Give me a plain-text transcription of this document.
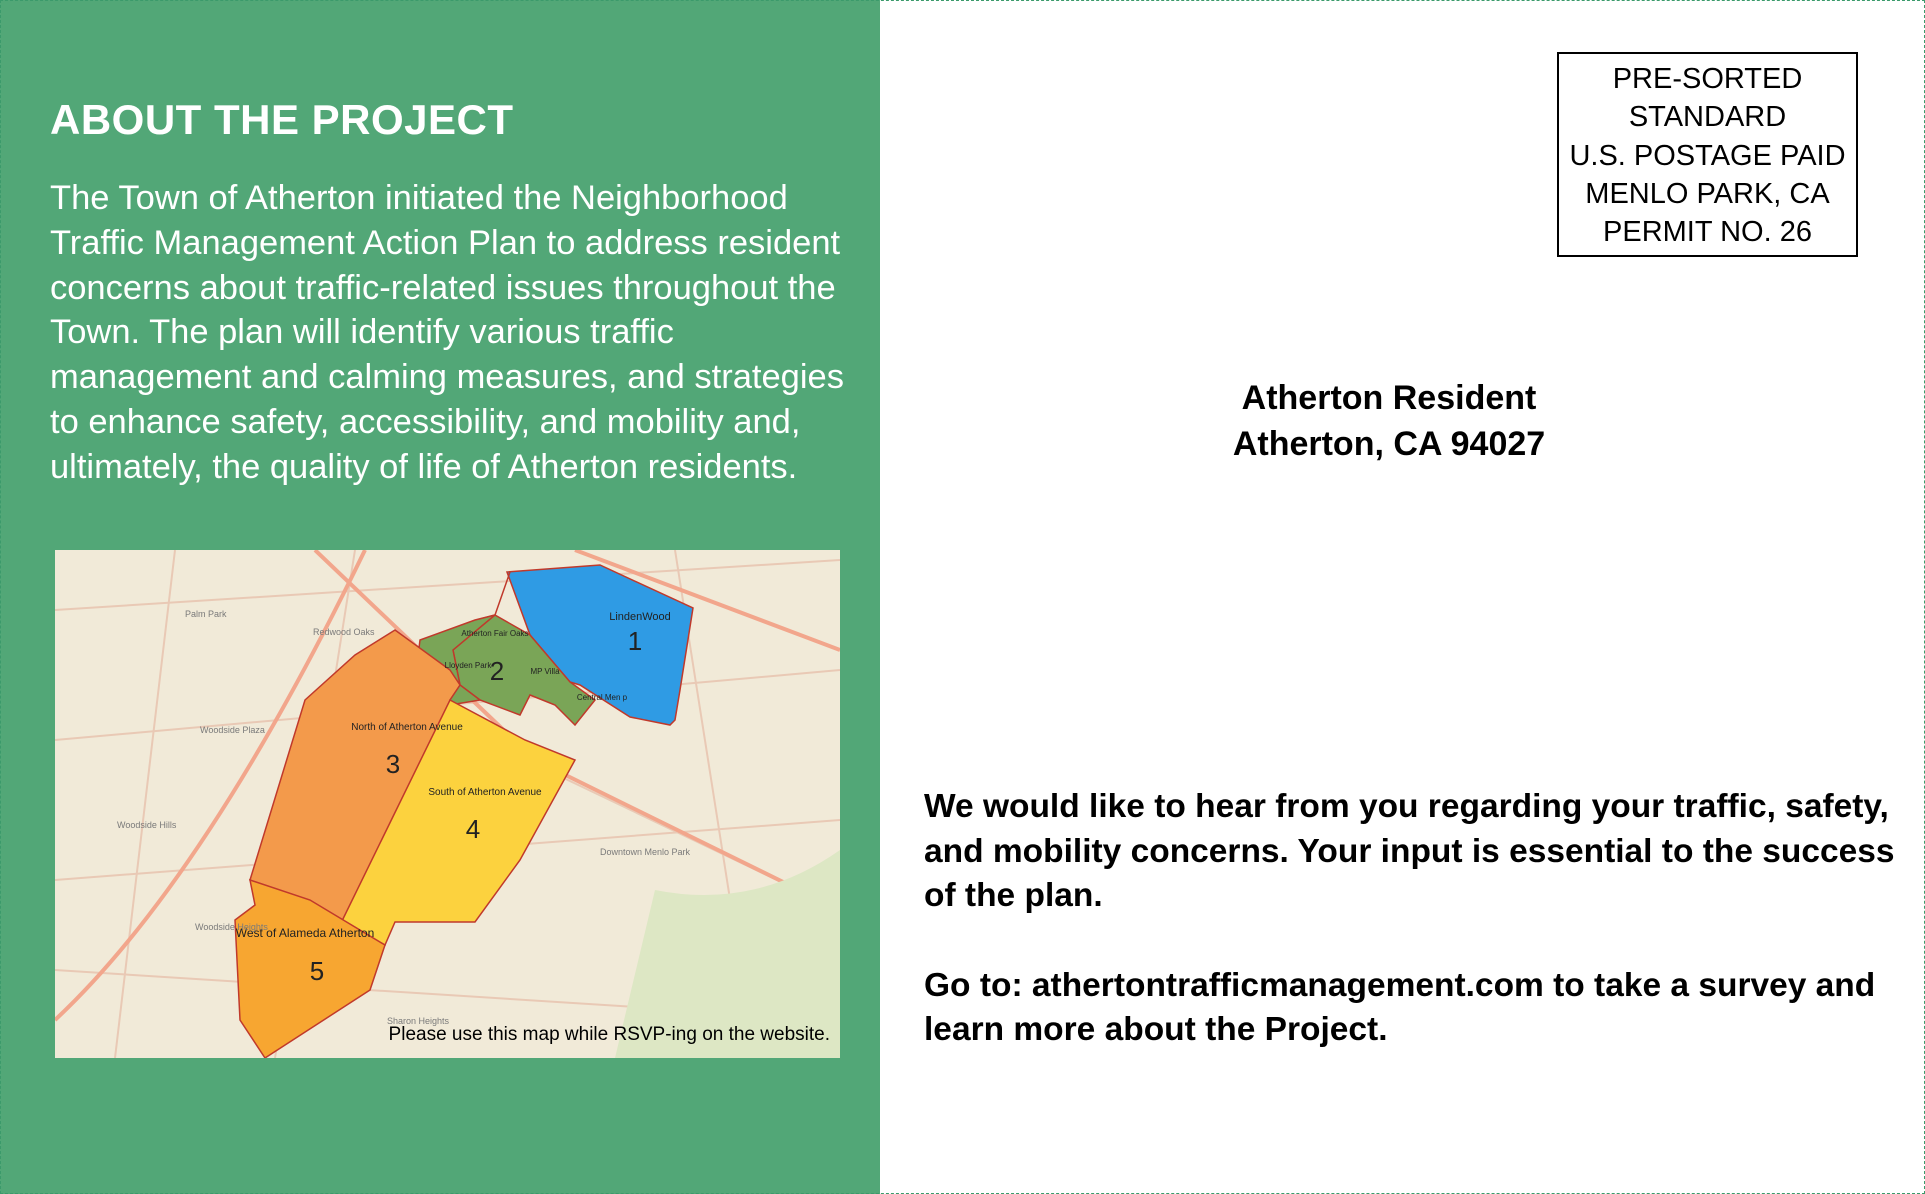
ABOUT THE PROJECT
The Town of Atherton initiated the Neighborhood Traffic Management Action Plan to address resident concerns about traffic-related issues throughout the Town. The plan will identify various traffic management and calming measures, and strategies to enhance safety, accessibility, and mobility and, ultimately, the quality of life of Atherton residents.
LindenWood
1
Atherton Fair Oaks
Lloyden Park
MP Villa
Central Men p
2
North of Atherton Avenue
3
South of Atherton Avenue
4
West of Alameda Atherton
5
Palm Park
Redwood Oaks
Woodside Plaza
Woodside Hills
Woodside Heights
Downtown Menlo Park
Sharon Heights
Please use this map while RSVP-ing on the website.
PRE-SORTED
STANDARD
U.S. POSTAGE PAID
MENLO PARK, CA
PERMIT NO. 26
Atherton Resident
Atherton, CA 94027

We would like to hear from you regarding your traffic, safety, and mobility concerns. Your input is essential to the success of the plan.

Go to: athertontrafficmanagement.com to take a survey and learn more about the Project.
